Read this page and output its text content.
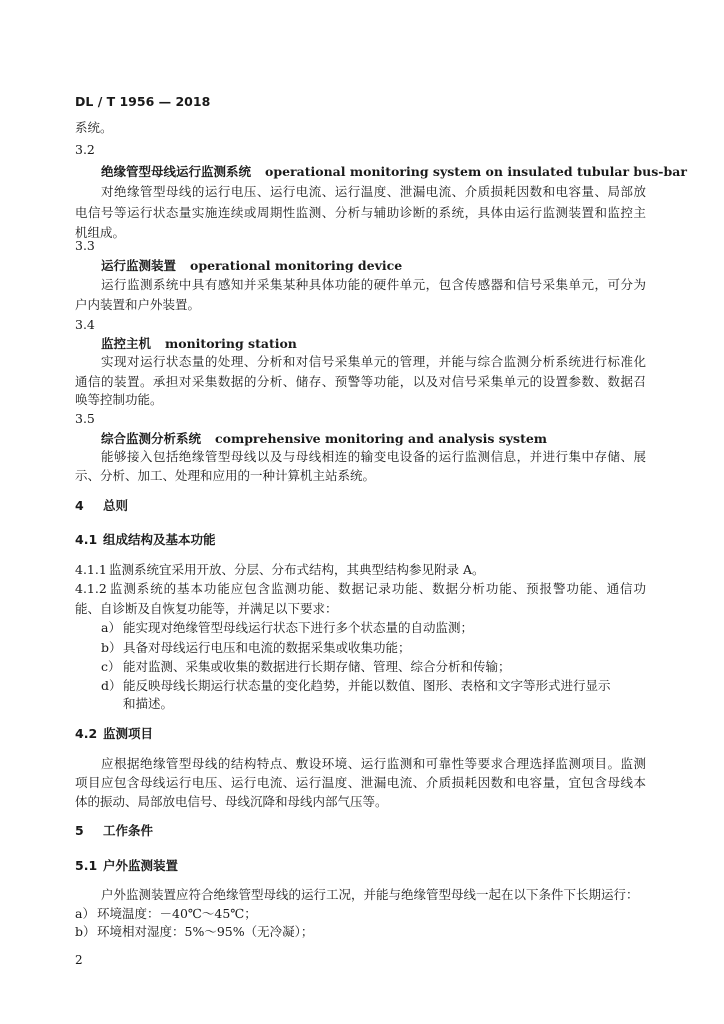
DL / T 1956 — 2018

系统。

3.2

绝缘管型母线运行监测系统 operational monitoring system on insulated tubular bus-bar

对绝缘管型母线的运行电压、运行电流、运行温度、泄漏电流、介质损耗因数和电容量、局部放

电信号等运行状态量实施连续或周期性监测、分析与辅助诊断的系统，具体由运行监测装置和监控主

机组成。

3.3

运行监测装置 operational monitoring device

运行监测系统中具有感知并采集某种具体功能的硬件单元，包含传感器和信号采集单元，可分为

户内装置和户外装置。

3.4

监控主机 monitoring station

实现对运行状态量的处理、分析和对信号采集单元的管理，并能与综合监测分析系统进行标准化

通信的装置。承担对采集数据的分析、储存、预警等功能，以及对信号采集单元的设置参数、数据召

唤等控制功能。

3.5

综合监测分析系统 comprehensive monitoring and analysis system

能够接入包括绝缘管型母线以及与母线相连的输变电设备的运行监测信息，并进行集中存储、展

示、分析、加工、处理和应用的一种计算机主站系统。

4 总则

4.1 组成结构及基本功能

4.1.1 监测系统宜采用开放、分层、分布式结构，其典型结构参见附录 A。

4.1.2 监测系统的基本功能应包含监测功能、数据记录功能、数据分析功能、预报警功能、通信功

能、自诊断及自恢复功能等，并满足以下要求：

a） 能实现对绝缘管型母线运行状态下进行多个状态量的自动监测；

b）具备对母线运行电压和电流的数据采集或收集功能；

c） 能对监测、采集或收集的数据进行长期存储、管理、综合分析和传输；

d）能反映母线长期运行状态量的变化趋势，并能以数值、图形、表格和文字等形式进行显示

和描述。

4.2 监测项目

应根据绝缘管型母线的结构特点、敷设环境、运行监测和可靠性等要求合理选择监测项目。监测

项目应包含母线运行电压、运行电流、运行温度、泄漏电流、介质损耗因数和电容量，宜包含母线本

体的振动、局部放电信号、母线沉降和母线内部气压等。

5 工作条件

5.1 户外监测装置

户外监测装置应符合绝缘管型母线的运行工况，并能与绝缘管型母线一起在以下条件下长期运行：

a） 环境温度：－40℃～45℃；

b）环境相对湿度：5%～95%（无冷凝）；

2
